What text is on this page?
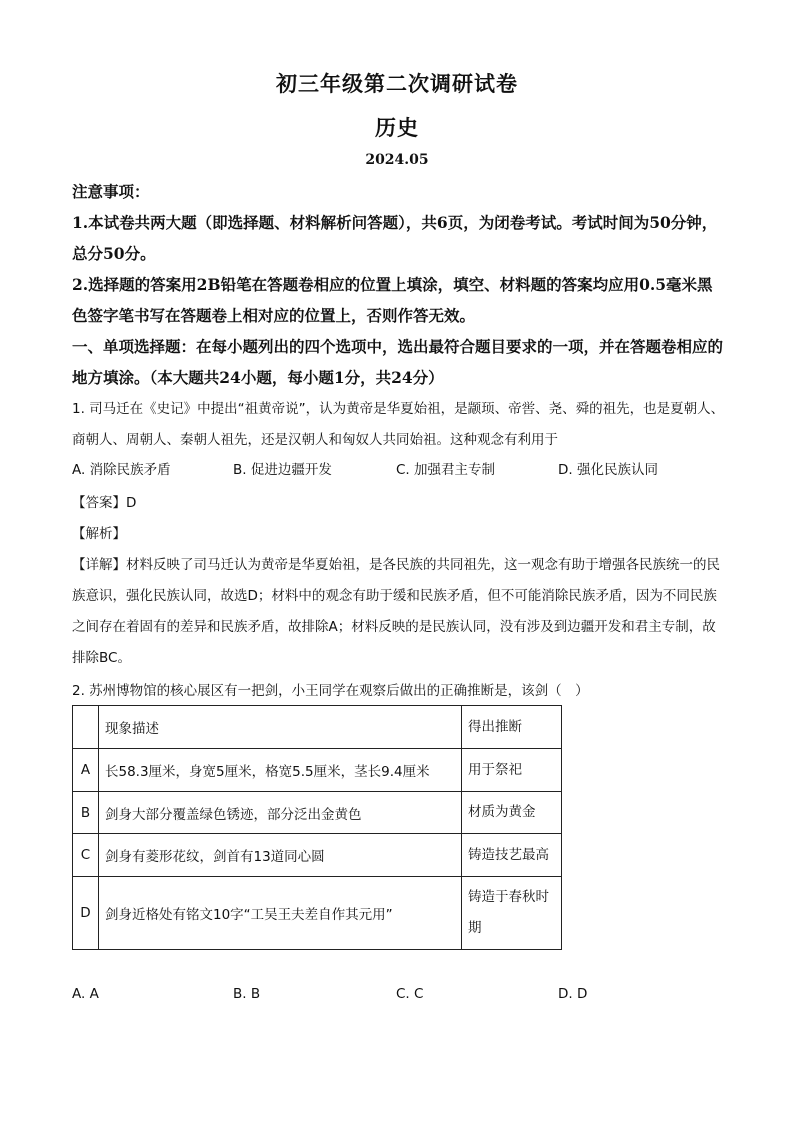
初三年级第二次调研试卷
历史
2024.05
注意事项：
1.本试卷共两大题（即选择题、材料解析问答题），共6页，为闭卷考试。考试时间为50分钟，总分50分。
2.选择题的答案用2B铅笔在答题卷相应的位置上填涂，填空、材料题的答案均应用0.5毫米黑色签字笔书写在答题卷上相对应的位置上，否则作答无效。
一、单项选择题：在每小题列出的四个选项中，选出最符合题目要求的一项，并在答题卷相应的地方填涂。（本大题共24小题，每小题1分，共24分）
1. 司马迁在《史记》中提出“祖黄帝说”，认为黄帝是华夏始祖，是颛顼、帝喾、尧、舜的祖先，也是夏朝人、商朝人、周朝人、秦朝人祖先，还是汉朝人和匈奴人共同始祖。这种观念有利用于
A. 消除民族矛盾	B. 促进边疆开发	C. 加强君主专制	D. 强化民族认同
【答案】D
【解析】
【详解】材料反映了司马迁认为黄帝是华夏始祖，是各民族的共同祖先，这一观念有助于增强各民族统一的民族意识，强化民族认同，故选D；材料中的观念有助于缓和民族矛盾，但不可能消除民族矛盾，因为不同民族之间存在着固有的差异和民族矛盾，故排除A；材料反映的是民族认同，没有涉及到边疆开发和君主专制，故排除BC。
2. 苏州博物馆的核心展区有一把剑，小王同学在观察后做出的正确推断是，该剑（　）
	现象描述	得出推断
A	长58.3厘米，身宽5厘米，格宽5.5厘米，茎长9.4厘米	用于祭祀
B	剑身大部分覆盖绿色锈迹，部分泛出金黄色	材质为黄金
C	剑身有菱形花纹，剑首有13道同心圆	铸造技艺最高
D	剑身近格处有铭文10字“工吴王夫差自作其元用”	铸造于春秋时期
A. A	B. B	C. C	D. D
